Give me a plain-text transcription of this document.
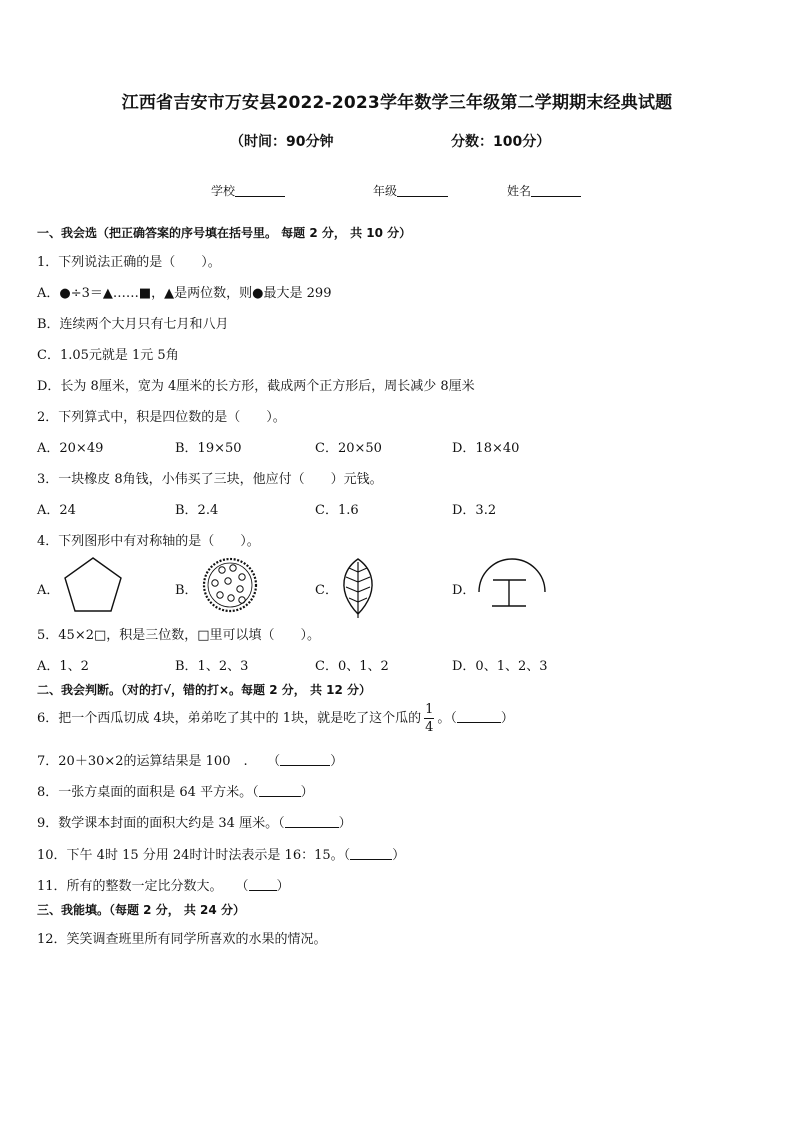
江西省吉安市万安县2022-2023学年数学三年级第二学期期末经典试题
（时间：90分钟	分数：100分）
学校	年级	姓名
一、我会选（把正确答案的序号填在括号里。 每题 2 分， 共 10 分）
1．下列说法正确的是（　　）。
A．●÷3＝▲……■，▲是两位数，则●最大是 299
B．连续两个大月只有七月和八月
C．1.05元就是 1元 5角
D．长为 8厘米，宽为 4厘米的长方形，截成两个正方形后，周长减少 8厘米
2．下列算式中，积是四位数的是（　　）。
A．20×49	B．19×50	C．20×50	D．18×40
3．一块橡皮 8角钱，小伟买了三块，他应付（　　）元钱。
A．24	B．2.4	C．1.6	D．3.2
4．下列图形中有对称轴的是（　　）。
A．	B．	C．	D．
5．45×2□，积是三位数，□里可以填（　　）。
A．1、2	B．1、2、3	C．0、1、2	D．0、1、2、3
二、我会判断。（对的打√，错的打×。每题 2 分， 共 12 分）
6．把一个西瓜切成 4块，弟弟吃了其中的 1块，就是吃了这个瓜的 $\frac{1}{4}$ 。（	）
7．20＋30×2的运算结果是 100　.　　（	）
8．一张方桌面的面积是 64 平方米。（	）
9．数学课本封面的面积大约是 34 厘米。（	）
10．下午 4时 15 分用 24时计时法表示是 16：15。（	）
11．所有的整数一定比分数大。　　（ ）
三、我能填。（每题 2 分， 共 24 分）
12．笑笑调查班里所有同学所喜欢的水果的情况。
